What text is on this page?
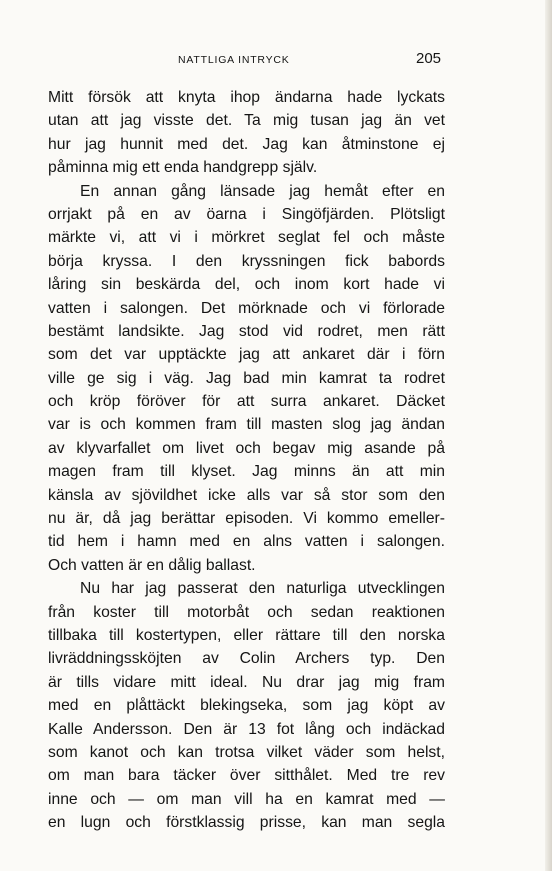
NATTLIGA INTRYCK	205
Mitt försök att knyta ihop ändarna hade lyckats
utan att jag visste det. Ta mig tusan jag än vet
hur jag hunnit med det. Jag kan åtminstone ej
påminna mig ett enda handgrepp själv.
En annan gång länsade jag hemåt efter en
orrjakt på en av öarna i Singöfjärden. Plötsligt
märkte vi, att vi i mörkret seglat fel och måste
börja kryssa. I den kryssningen fick babords
låring sin beskärda del, och inom kort hade vi
vatten i salongen. Det mörknade och vi förlorade
bestämt landsikte. Jag stod vid rodret, men rätt
som det var upptäckte jag att ankaret där i förn
ville ge sig i väg. Jag bad min kamrat ta rodret
och kröp föröver för att surra ankaret. Däcket
var is och kommen fram till masten slog jag ändan
av klyvarfallet om livet och begav mig asande på
magen fram till klyset. Jag minns än att min
känsla av sjövildhet icke alls var så stor som den
nu är, då jag berättar episoden. Vi kommo emeller-
tid hem i hamn med en alns vatten i salongen.
Och vatten är en dålig ballast.
Nu har jag passerat den naturliga utvecklingen
från koster till motorbåt och sedan reaktionen
tillbaka till kostertypen, eller rättare till den norska
livräddningssköjten av Colin Archers typ. Den
är tills vidare mitt ideal. Nu drar jag mig fram
med en plåttäckt blekingseka, som jag köpt av
Kalle Andersson. Den är 13 fot lång och indäckad
som kanot och kan trotsa vilket väder som helst,
om man bara täcker över sitthålet. Med tre rev
inne och — om man vill ha en kamrat med —
en lugn och förstklassig prisse, kan man segla
